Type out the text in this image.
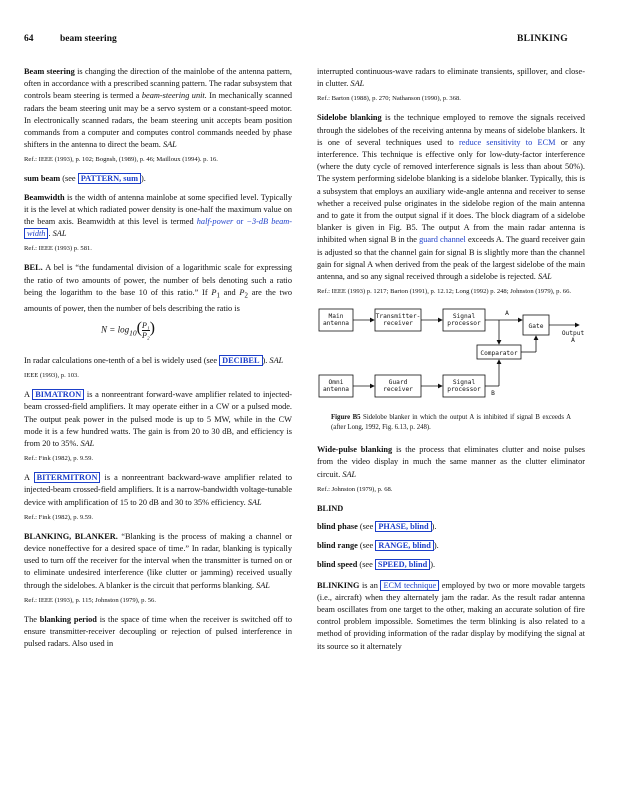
64	beam steering	BLINKING

Beam steering is changing the direction of the mainlobe of the antenna pattern, often in accordance with a prescribed scanning pattern. The radar subsystem that controls beam steering is termed a beam-steering unit. In mechanically scanned radars the beam steering unit may be a servo system or a constant-speed motor. In electronically scanned radars, the beam steering unit accepts beam position commands from a computer and computes control commands needed by phase shifters in the antenna to direct the beam. SAL

Ref.: IEEE (1993), p. 102; Bognsh, (1989), p. 46; Mailloux (1994). p. 16.

sum beam (see PATTERN, sum ).

Beamwidth is the width of antenna mainlobe at some specified level. Typically it is the level at which radiated power density is one-half the maximum value on the beam axis. Beamwidth at this level is termed half-power or −3-dB beam- width . SAL

Ref.: IEEE (1993) p. 581.

BEL. A bel is “the fundamental division of a logarithmic scale for expressing the ratio of two amounts of power, the number of bels denoting such a ratio being the logarithm to the base 10 of this ratio.” If $P_1$ and $P_2$ are the two amounts of power, then the number of bels describing the ratio is

$N = \log_{10}( \frac{\text{P₁}}{\text{P₂}}$ )

In radar calculations one-tenth of a bel is widely used (see DECIBEL ). SAL

IEEE (1993), p. 103.

A BIMATRON is a nonreentrant forward-wave amplifier related to injected-beam crossed-field amplifiers. It may operate either in a CW or a pulsed mode. The output peak power in the pulsed mode is up to 5 MW, while in the CW mode it is a few hundred watts. The gain is from 20 to 30 dB, and efficiency is from 20 to 35%. SAL

Ref.: Fink (1982), p. 9.59.

A BITERMITRON is a nonreentrant backward-wave amplifier related to injected-beam crossed-field amplifiers. It is a narrow-bandwidth voltage-tunable device with amplification of 15 to 20 dB and 30 to 35% efficiency. SAL

Ref.: Fink (1982), p. 9.59.

BLANKING, BLANKER. “Blanking is the process of making a channel or device noneffective for a desired space of time.” In radar, blanking is typically used to turn off the receiver for the interval when the transmitter is turned on or to eliminate undesired interference (like clutter or jamming) received usually through the sidelobes. A blanker is the circuit that performs blanking. SAL

Ref.: IEEE (1993), p. 115; Johnston (1979), p. 56.

The blanking period is the space of time when the receiver is switched off to ensure transmitter-receiver decoupling or rejection of pulsed interference in pulsed radars. Also used in

interrupted continuous-wave radars to eliminate transients, spillover, and close-in clutter. SAL

Ref.: Barton (1988), p. 270; Nathanson (1990), p. 368.

Sidelobe blanking is the technique employed to remove the signals received through the sidelobes of the receiving antenna by means of sidelobe blankers. It is one of several techniques used to reduce sensitivity to ECM or any interference. This technique is effective only for low-duty-factor interference (where the duty cycle of removed interference signals is less than about 50%). The system performing sidelobe blanking is a sidelobe blanker. Typically, this is a subsystem that employs an auxiliary wide-angle antenna and receiver to sense whether a received pulse originates in the sidelobe region of the main antenna and to gate it from the output signal if it does. The block diagram of a sidelobe blanker is given in Fig. B5. The output A from the main radar antenna is inhibited when signal B in the guard channel exceeds A. The guard receiver gain is adjusted so that the channel gain for signal B is slightly more than the channel gain for signal A when derived from the peak of the largest sidelobe of the main antenna, and so any signal received through a sidelobe is rejected. SAL

Ref.: IEEE (1993) p. 1217; Barton (1991), p. 12.12; Long (1992) p. 248; Johnston (1979), p. 66.
Main antenna
Transmitter-receiver
Signal processor	Gate
Comparator
Omni antenna
Guard receiver
Signal processor
A
B
Output A
Figure B5 Sidelobe blanker in which the output A is inhibited if signal B exceeds A (after Long, 1992, Fig. 6.13, p. 248).

Wide-pulse blanking is the process that eliminates clutter and noise pulses from the video display in much the same manner as the clutter eliminator circuit. SAL

Ref.: Johnston (1979), p. 68.
BLIND

blind phase (see PHASE, blind ).

blind range (see RANGE, blind ).

blind speed (see SPEED, blind ).

BLINKING is an ECM technique employed by two or more movable targets (i.e., aircraft) when they alternately jam the radar. As the result radar antenna beam oscillates from one target to the other, making an accurate solution of fire control problem impossible. Sometimes the term blinking is also related to a method of providing information of the radar display by modifying the signal at its source so it alternately
